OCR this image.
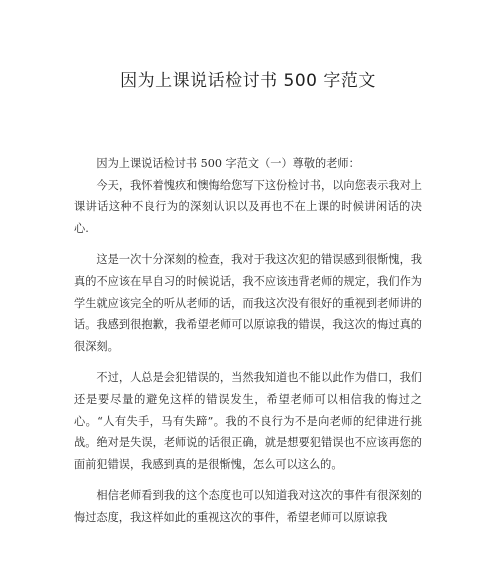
因为上课说话检讨书 500 字范文

因为上课说话检讨书 500 字范文（一）尊敬的老师：

今天，我怀着愧疚和懊悔给您写下这份检讨书，以向您表示我对上课讲话这种不良行为的深刻认识以及再也不在上课的时候讲闲话的决心.

这是一次十分深刻的检查，我对于我这次犯的错误感到很惭愧，我真的不应该在早自习的时候说话，我不应该违背老师的规定，我们作为学生就应该完全的听从老师的话，而我这次没有很好的重视到老师讲的话。我感到很抱歉，我希望老师可以原谅我的错误，我这次的悔过真的很深刻。

不过，人总是会犯错误的，当然我知道也不能以此作为借口，我们还是要尽量的避免这样的错误发生，希望老师可以相信我的悔过之心。“人有失手，马有失蹄”。我的不良行为不是向老师的纪律进行挑战。绝对是失误，老师说的话很正确，就是想要犯错误也不应该再您的面前犯错误，我感到真的是很惭愧，怎么可以这么的。

相信老师看到我的这个态度也可以知道我对这次的事件有很深刻的悔过态度，我这样如此的重视这次的事件，希望老师可以原谅我
